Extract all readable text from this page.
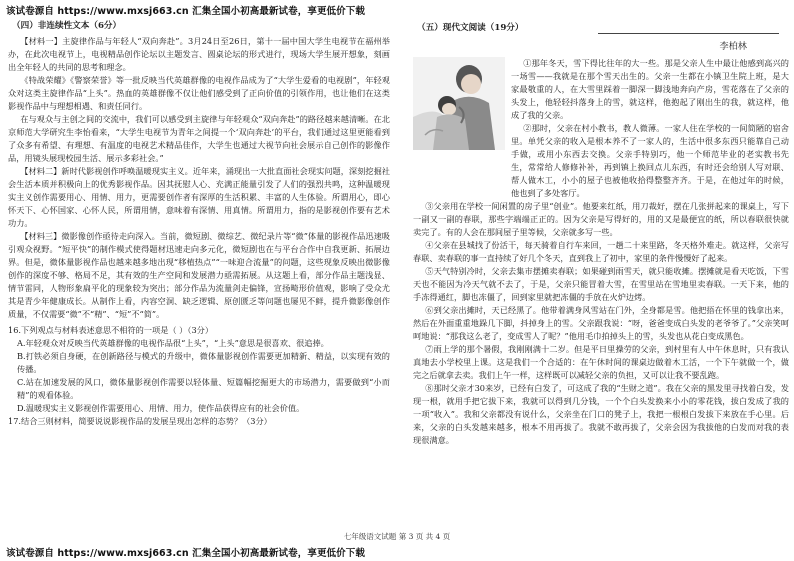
该试卷源自 https://www.mxsj663.cn 汇集全国小初高最新试卷，享更低价下载
（四）非连续性文本（6分）

【材料一】主旋律作品与年轻人“双向奔赴”。3月24日至26日，第十一届中国大学生电视节在福州举办，在此次电视节上，电视精品创作论坛以主题发言、圆桌论坛的形式进行，现场大学生展开想象，刻画出全年轻人的共同的思考和理念。

《特战荣耀》《警察荣誉》等一批反映当代英雄群像的电视作品成为了“大学生爱看的电视剧”，年轻观众对这类主旋律作品“上头”。热血的英雄群像不仅让他们感受到了正向价值的引领作用，也让他们在这类影视作品中与理想相遇、和责任同行。

在与观众与主创之间的交流中，我们可以感受到主旋律与年轻观众“双向奔赴”的路径越来越清晰。在北京师范大学研究生李怡看来，“大学生电视节为青年之间提一个‘双向奔赴’的平台，我们通过这里更能看到了众多有希望、有理想、有温度的电视艺术精品佳作，大学生也通过大视节向社会展示自己创作的影像作品，用镜头展现校园生活、展示多彩社会。”

【材料二】新时代影视创作呼唤温暖现实主义。近年来，涌现出一大批直面社会现实问题，深刻挖掘社会生活本质并积极向上的优秀影视作品。因其抚慰人心、充满正能量引发了人们的强烈共鸣，这种温暖现实主义创作需要用心、用情、用力，更需要创作者有深厚的生活积累、丰富的人生体验。所谓用心，即心怀天下、心怀国家、心怀人民，所谓用情，意味着有深情、用真情。所谓用力，指的是影视创作要有艺术功力。

【材料三】微影像创作亟待走向深入。当前，微短剧、微综艺、微纪录片等“微”体量的影视作品迅速吸引观众视野。“短平快”的制作模式使得题材迅速走向多元化，微短剧也在与平台合作中自我更新、拓展边界。但是，微体量影视作品也越来越多地出现“移植热点”“一味迎合流量”的问题，这些现象反映出微影像创作的深度不够、格局不足，其有效的生产空间和发展潜力亟需拓展。从这题上看，部分作品主题浅显、情节雷同，人物形象扁平化的现象较为突出；部分作品为流量剑走偏锋，宣扬畸形价值观，影响了受众尤其是青少年健康成长。从制作上看，内容空洞、缺乏逻辑、原创匮乏等问题也屡见不鲜，提升微影像创作质量，不仅需要“微”不“精”、“短”不“简”。

16.下列观点与材料表述意思不相符的一项是（ ）（3分）

A.年轻观众对反映当代英雄群像的电视作品很“上头”，“上头”意思是很喜欢、很追捧。

B.打铁必须自身硬，在创新路径与模式的升级中，微体量影视创作需要更加精新、精益，以实现有效的传播。

C.站在加速发展的风口，微体量影视创作需要以轻体量、短篇幅挖掘更大的市场潜力，需要做到“小而精”的观看体验。

D.温暖现实主义影视创作需要用心、用情、用力，使作品获得应有的社会价值。

17.结合三则材料，简要说说影视作品的发展呈现出怎样的态势？（3分）

（五）现代文阅读（19分）
李柏林

①那年冬天，雪下得比往年的大一些。那是父亲人生中最让他感到高兴的一场雪——我就是在那个雪天出生的。父亲一生都在小镇卫生院上班，是大家最敬重的人，在大雪里踩着一脚深一脚浅地奔向产房，雪花落在了父亲的头发上，他轻轻抖落身上的雪，就这样，他抱起了刚出生的我，就这样，他成了我的父亲。

②那时，父亲在村小教书，教人微薄。一家人住在学校的一间简陋的宿舍里。单凭父亲的收入是根本养不了一家人的，生活中很多东西只能靠自己动手做，或用小东西去交换。父亲手特别巧，他一个师范毕业的老实教书先生，常常给人修修补补，再到镇上换回点儿东西，有时还会给别人写对联、帮人做木工，小小的屋子也被他收拾得整整齐齐。于是，在他过年的时候，他也到了多处客厅。

③父亲用在学校一间闲置的房子里“创业”。他要来红纸，用刀裁好，摆在几张拼起来的课桌上，写下一副又一副的春联，那些字端端正正的。因为父亲是写得好的，用的又是最便宜的纸，所以春联很快就卖完了。有的人会在那间屋子里等候，父亲就多写一些。

④父亲在县城找了份活干，每天骑着自行车来回，一趟二十来里路，冬天格外难走。就这样，父亲写春联、卖春联的事一直持续了好几个冬天，直到我上了初中，家里的条件慢慢好了起来。

⑤天气特别冷时，父亲去集市摆摊卖春联；如果碰到雨雪天，就只能收摊。摆摊就是看天吃饭，下雪天也不能因为冷天气就不去了，于是，父亲只能冒着大雪，在雪里站在雪地里卖春联。一天下来，他的手冻得通红，脚也冻僵了，回到家里就把冻僵的手放在火炉边烤。

⑥到父亲出摊时，天已经黑了。他带着满身风雪站在门外，全身都是雪。他把捂在怀里的钱拿出来，然后在外面重重地跺几下脚，抖掉身上的雪。父亲跟我说：“呀，爸爸变成白头发的老爷爷了。”父亲笑呵呵地说：“那我这么老了，变成雪人了呢？”他用毛巾拍掉头上的雪，头发也从花白变成黑色。

⑦雨上学的那个暑假，我刚刚满十二岁。但是平日里操劳的父亲，到村里有人中午休息时，只有我认真地去小学校里上课。这是我们一个合适的：在午休时间的课桌边做着木工活，一个下午就做一个，做完之后就拿去卖。我们上午一样，这样既可以减轻父亲的负担，又可以让我不要乱跑。

⑧那时父亲才30来岁，已经有白发了，可这成了我的“生财之道”。我在父亲的黑发里寻找着白发，发现一根，就用手把它拔下来，我就可以得到几分钱，一个个白头发换来小小的零花钱，拔白发成了我的一项“收入”。我和父亲都没有说什么，父亲坐在门口的凳子上，我把一根根白发拔下来放在手心里。后来，父亲的白头发越来越多，根本不用再拔了。我就不敢再拔了，父亲会因为我拔他的白发而对我的表现很满意。

七年级语文试题 第 3 页 共 4 页
该试卷源自 https://www.mxsj663.cn 汇集全国小初高最新试卷，享更低价下载
